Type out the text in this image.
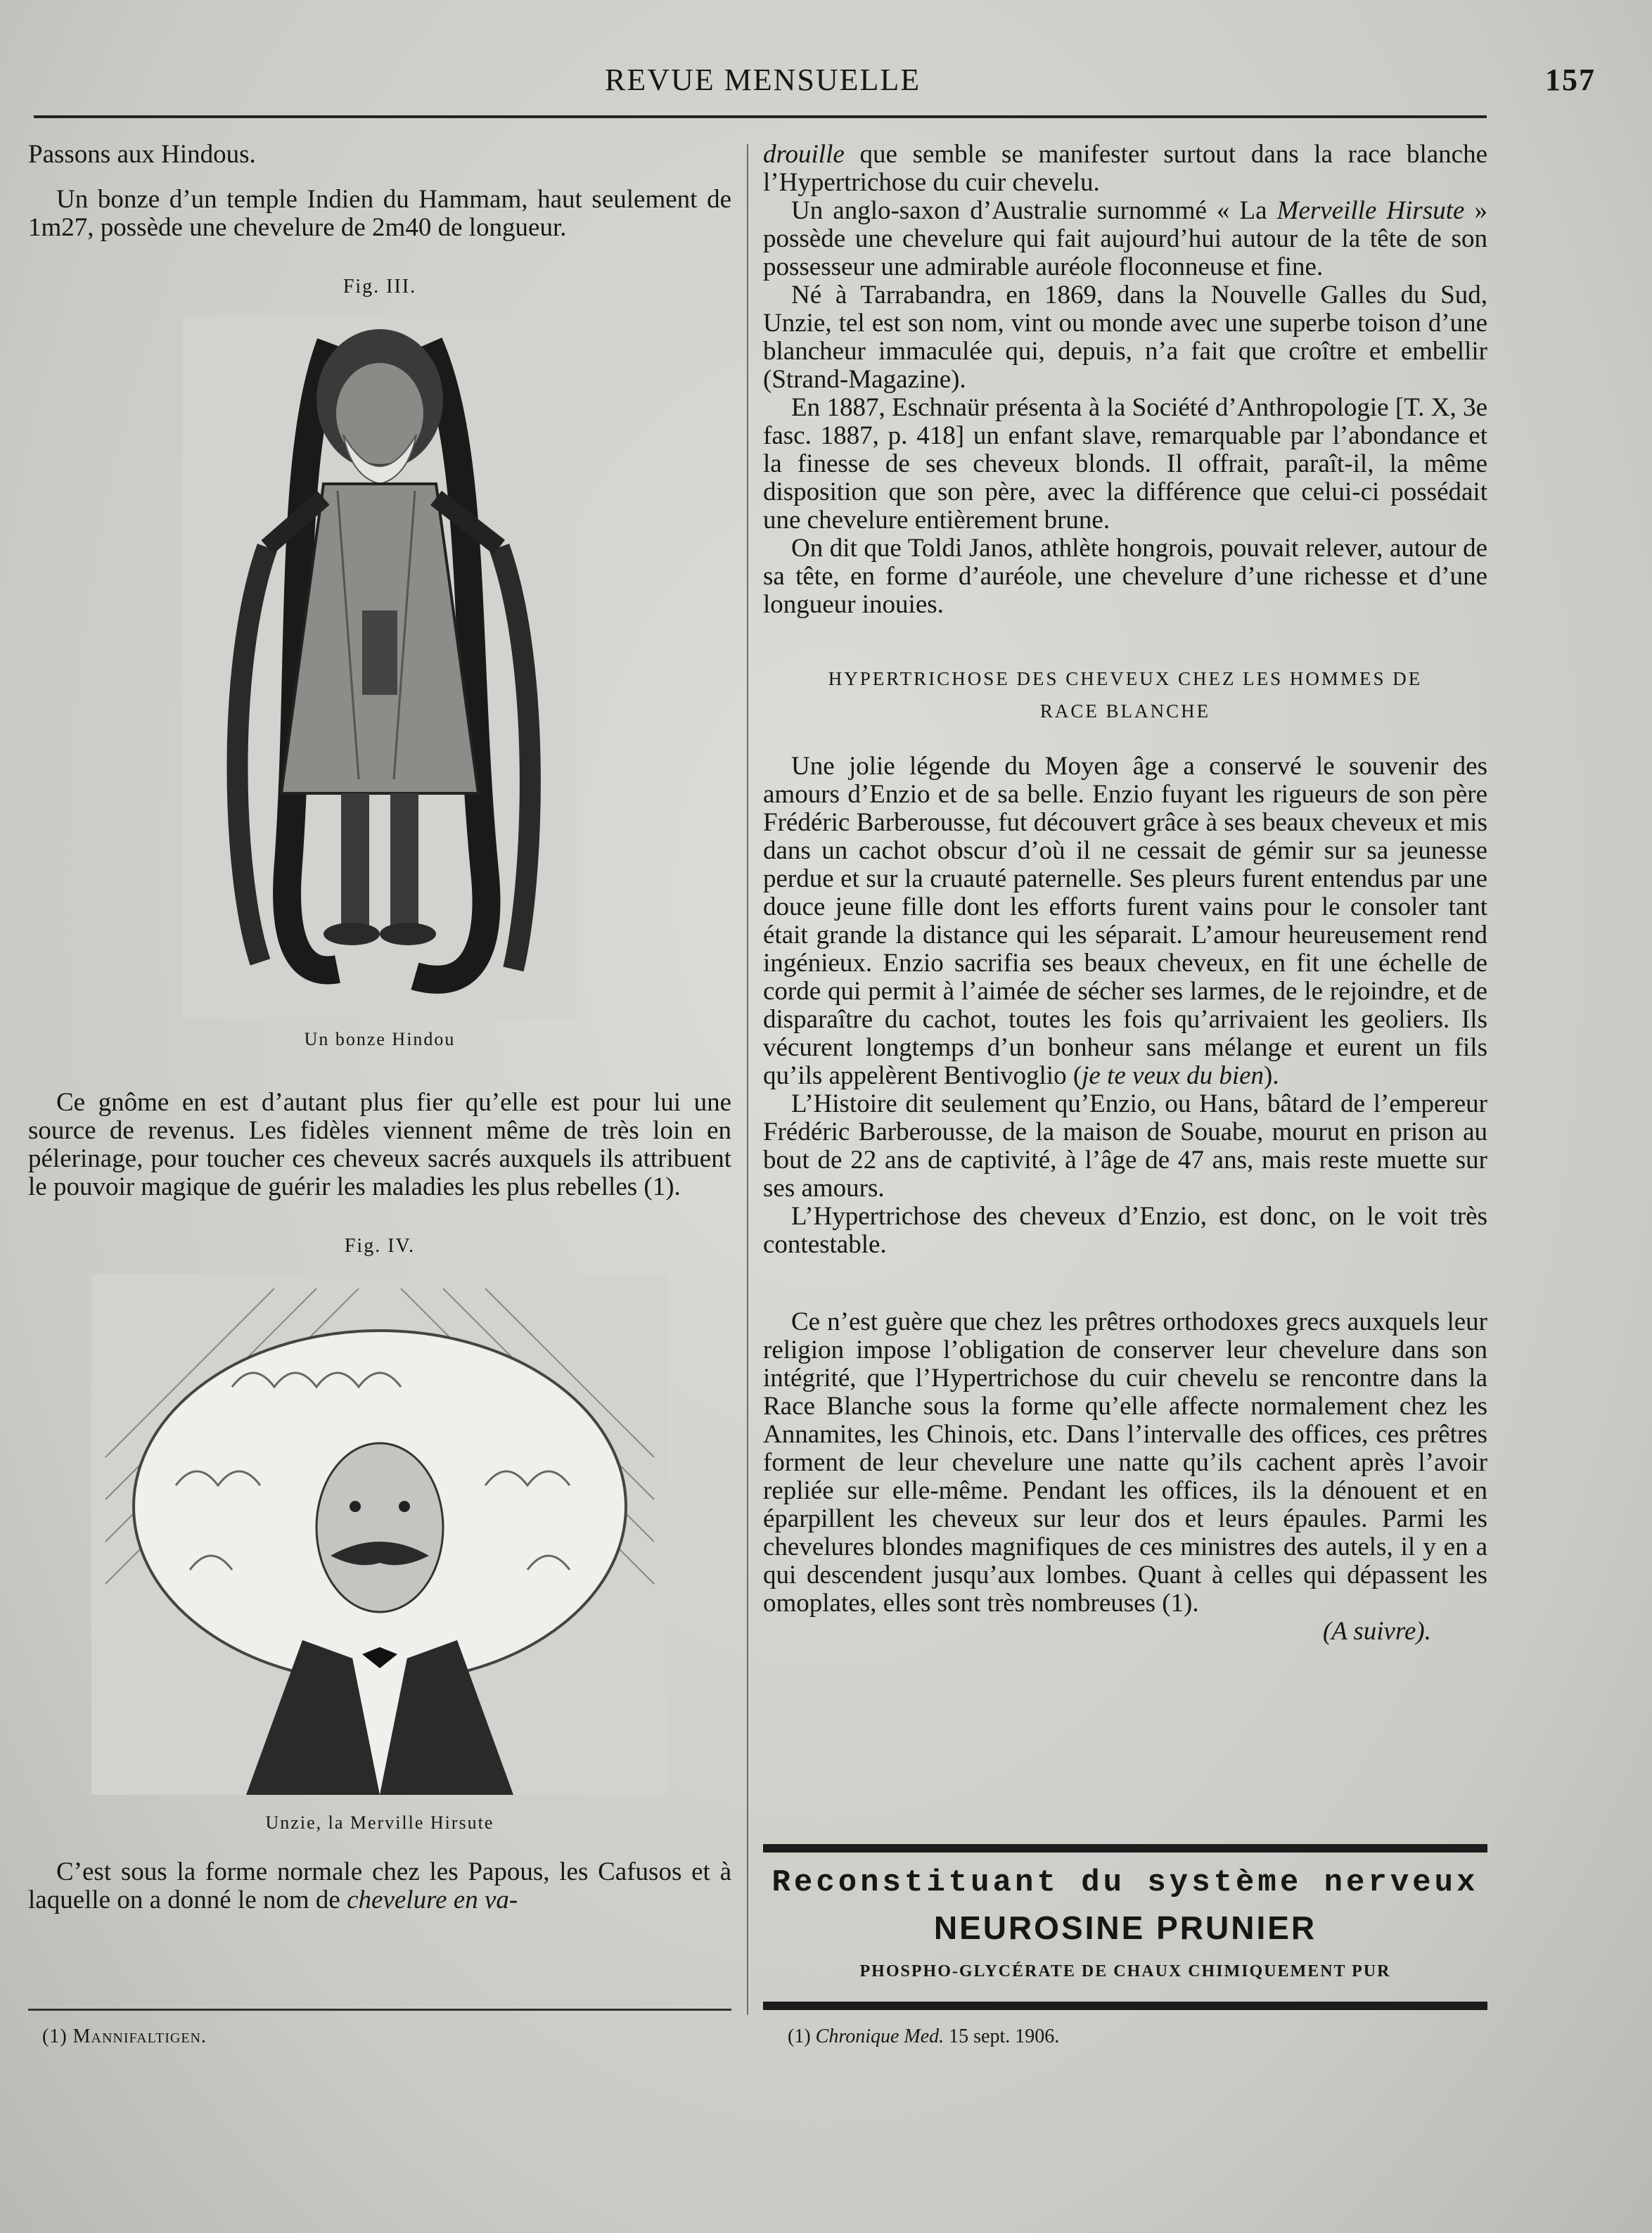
REVUE MENSUELLE	157

Passons aux Hindous.

Un bonze d’un temple Indien du Hammam, haut seulement de 1m27, possède une chevelure de 2m40 de longueur.

Fig. III.
Un bonze Hindou

Ce gnôme en est d’autant plus fier qu’elle est pour lui une source de revenus. Les fidèles viennent même de très loin en pélerinage, pour toucher ces cheveux sacrés auxquels ils attribuent le pouvoir magique de guérir les maladies les plus rebelles (1).

Fig. IV.
Unzie, la Merville Hirsute

C’est sous la forme normale chez les Papous, les Cafusos et à laquelle on a donné le nom de chevelure en va-

drouille que semble se manifester surtout dans la race blanche l’Hypertrichose du cuir chevelu.

Un anglo-saxon d’Australie surnommé « La Merveille Hirsute » possède une chevelure qui fait aujourd’hui autour de la tête de son possesseur une admirable auréole floconneuse et fine.

Né à Tarrabandra, en 1869, dans la Nouvelle Galles du Sud, Unzie, tel est son nom, vint ou monde avec une superbe toison d’une blancheur immaculée qui, depuis, n’a fait que croître et embellir (Strand-Magazine).

En 1887, Eschnaür présenta à la Société d’Anthropologie [T. X, 3e fasc. 1887, p. 418] un enfant slave, remarquable par l’abondance et la finesse de ses cheveux blonds. Il offrait, paraît-il, la même disposition que son père, avec la différence que celui-ci possédait une chevelure entièrement brune.

On dit que Toldi Janos, athlète hongrois, pouvait relever, autour de sa tête, en forme d’auréole, une chevelure d’une richesse et d’une longueur inouies.

HYPERTRICHOSE DES CHEVEUX CHEZ LES HOMMES DE
RACE BLANCHE

Une jolie légende du Moyen âge a conservé le souvenir des amours d’Enzio et de sa belle. Enzio fuyant les rigueurs de son père Frédéric Barberousse, fut découvert grâce à ses beaux cheveux et mis dans un cachot obscur d’où il ne cessait de gémir sur sa jeunesse perdue et sur la cruauté paternelle. Ses pleurs furent entendus par une douce jeune fille dont les efforts furent vains pour le consoler tant était grande la distance qui les séparait. L’amour heureusement rend ingénieux. Enzio sacrifia ses beaux cheveux, en fit une échelle de corde qui permit à l’aimée de sécher ses larmes, de le rejoindre, et de disparaître du cachot, toutes les fois qu’arrivaient les geoliers. Ils vécurent longtemps d’un bonheur sans mélange et eurent un fils qu’ils appelèrent Bentivoglio (je te veux du bien).

L’Histoire dit seulement qu’Enzio, ou Hans, bâtard de l’empereur Frédéric Barberousse, de la maison de Souabe, mourut en prison au bout de 22 ans de captivité, à l’âge de 47 ans, mais reste muette sur ses amours.

L’Hypertrichose des cheveux d’Enzio, est donc, on le voit très contestable.

Ce n’est guère que chez les prêtres orthodoxes grecs auxquels leur religion impose l’obligation de conserver leur chevelure dans son intégrité, que l’Hypertrichose du cuir chevelu se rencontre dans la Race Blanche sous la forme qu’elle affecte normalement chez les Annamites, les Chinois, etc. Dans l’intervalle des offices, ces prêtres forment de leur chevelure une natte qu’ils cachent après l’avoir repliée sur elle-même. Pendant les offices, ils la dénouent et en éparpillent les cheveux sur leur dos et leurs épaules. Parmi les chevelures blondes magnifiques de ces ministres des autels, il y en a qui descendent jusqu’aux lombes. Quant à celles qui dépassent les omoplates, elles sont très nombreuses (1).

(A suivre).
Reconstituant du système nerveux
NEUROSINE PRUNIER
PHOSPHO-GLYCÉRATE DE CHAUX CHIMIQUEMENT PUR
(1) Mannifaltigen.	(1) Chronique Med. 15 sept. 1906.
